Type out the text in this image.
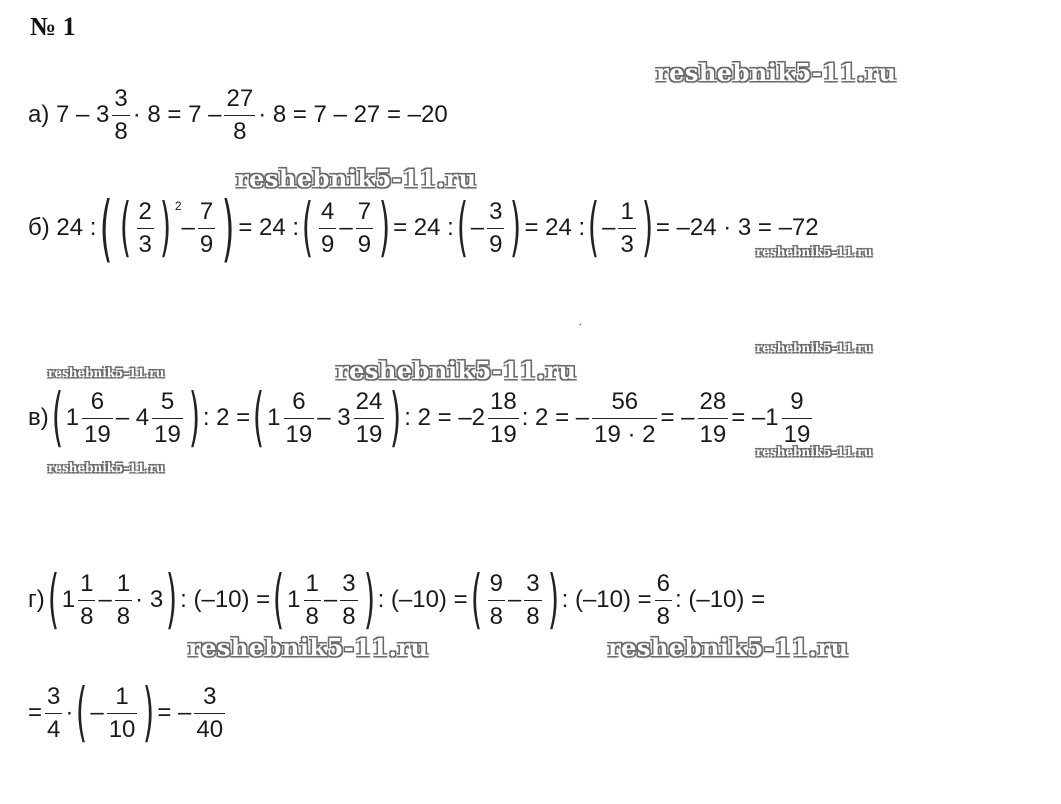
№ 1
а) $7 - 3 \frac{3}{8} \cdot 8 = 7 - \frac{27}{8} \cdot 8 = 7 - 27 = -20$
б) 24 : ( ( $\frac{2}{3}$ ) 2
– $\frac{7}{9}$ ) = 24 : ( $\frac{4}{9} - \frac{7}{9}$ ) = 24 : ( – $\frac{3}{9}$ ) = 24 : ( – $\frac{1}{3}$ ) = –24 · 3 = –72
в) ( $1 \frac{6}{19} - 4 \frac{5}{19}$ ) : 2 = ( $1 \frac{6}{19} - 3 \frac{24}{19}$ ) : $2 = -2 \frac{18}{19}$ : 2 = – $\frac{56}{19 \cdot 2}$ = – $\frac{28}{19} = -1 \frac{9}{19}$
г) ( $1 \frac{1}{8} - \frac{1}{8} \cdot 3$ ) : (–10) = ( $1 \frac{1}{8} - \frac{3}{8}$ ) : (–10) = ( $\frac{9}{8} - \frac{3}{8}$ ) : $(-10) = \frac{6}{8}$ : (–10) =
= $\frac{3}{4}$ · ( – $\frac{1}{10}$ ) = – $\frac{3}{40}$
ˏ
reshebnik5-11.ru
reshebnik5-11.ru
reshebnik5-11.ru
reshebnik5-11.ru
reshebnik5-11.ru	reshebnik5-11.ru
reshebnik5-11.ru
reshebnik5-11.ru
reshebnik5-11.ru	reshebnik5-11.ru
